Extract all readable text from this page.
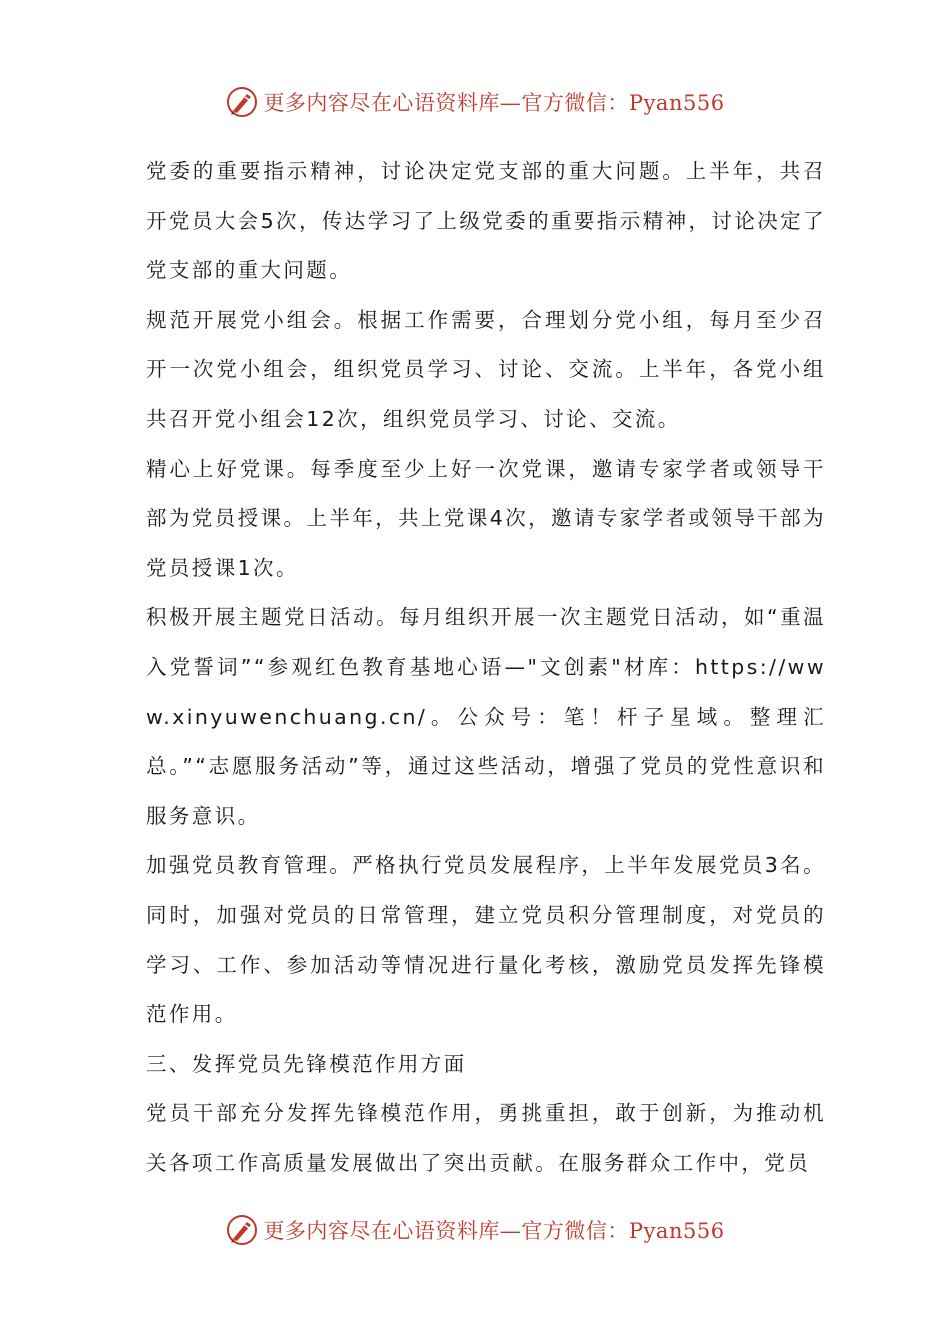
更多内容尽在心语资料库—官方微信：Pyan556

党委的重要指示精神，讨论决定党支部的重大问题。上半年，共召开党员大会5次，传达学习了上级党委的重要指示精神，讨论决定了党支部的重大问题。

规范开展党小组会。根据工作需要，合理划分党小组，每月至少召开一次党小组会，组织党员学习、讨论、交流。上半年，各党小组共召开党小组会12次，组织党员学习、讨论、交流。

精心上好党课。每季度至少上好一次党课，邀请专家学者或领导干部为党员授课。上半年，共上党课4次，邀请专家学者或领导干部为党员授课1次。

积极开展主题党日活动。每月组织开展一次主题党日活动，如“重温入党誓词”“参观红色教育基地心语—"文创素"材库：https://www.xinyuwenchuang.cn/。公众号：笔！杆子星域。整理汇总。”“志愿服务活动”等，通过这些活动，增强了党员的党性意识和服务意识。

加强党员教育管理。严格执行党员发展程序，上半年发展党员3名。同时，加强对党员的日常管理，建立党员积分管理制度，对党员的学习、工作、参加活动等情况进行量化考核，激励党员发挥先锋模范作用。

三、发挥党员先锋模范作用方面

党员干部充分发挥先锋模范作用，勇挑重担，敢于创新，为推动机关各项工作高质量发展做出了突出贡献。在服务群众工作中，党员

更多内容尽在心语资料库—官方微信：Pyan556
